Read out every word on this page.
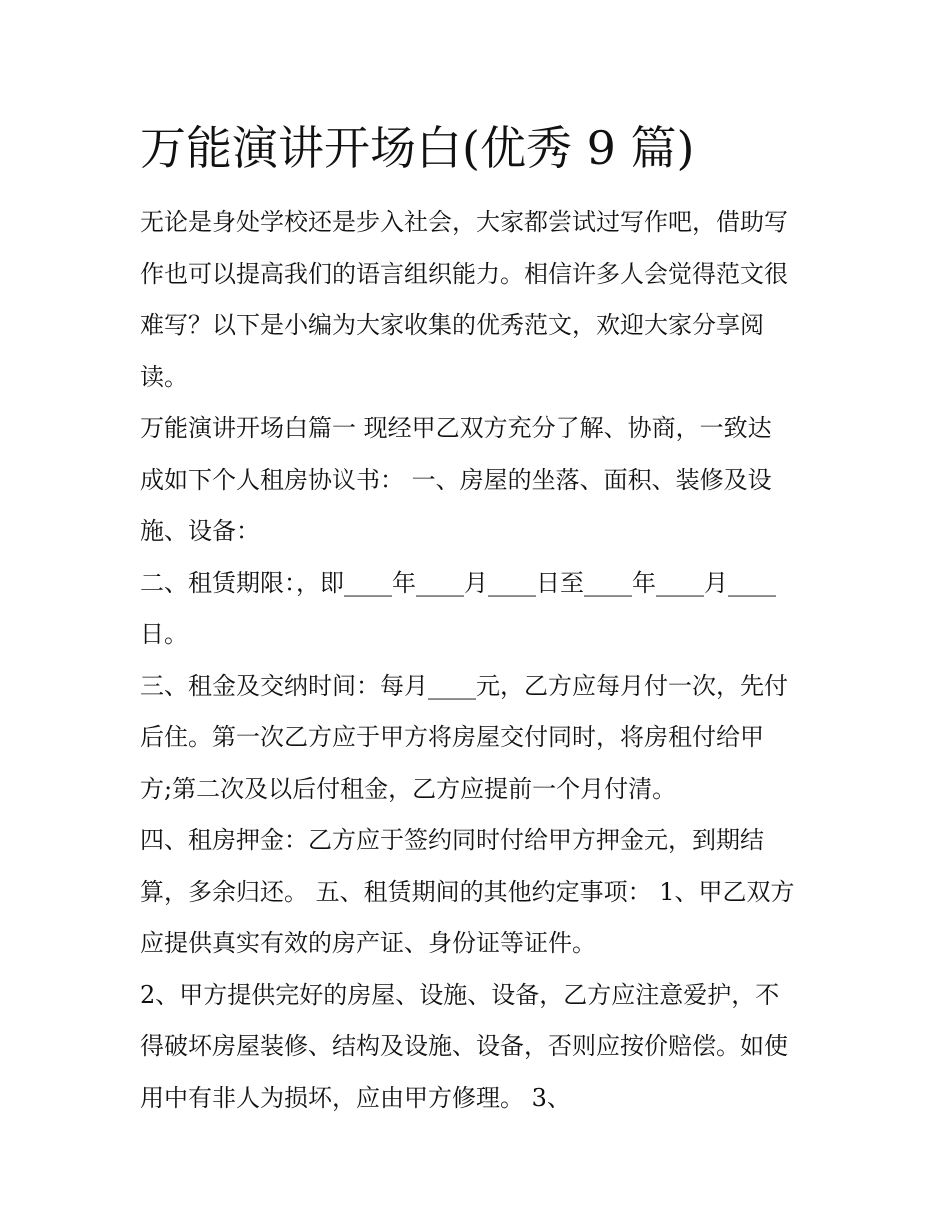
万能演讲开场白(优秀 9 篇)
无论是身处学校还是步入社会，大家都尝试过写作吧，借助写
作也可以提高我们的语言组织能力。相信许多人会觉得范文很
难写？以下是小编为大家收集的优秀范文，欢迎大家分享阅
读。
万能演讲开场白篇一 现经甲乙双方充分了解、协商，一致达
成如下个人租房协议书： 一、房屋的坐落、面积、装修及设
施、设备：
二、租赁期限：，即____年____月____日至____年____月____
日。
三、租金及交纳时间：每月____元，乙方应每月付一次，先付
后住。第一次乙方应于甲方将房屋交付同时，将房租付给甲
方;第二次及以后付租金，乙方应提前一个月付清。
四、租房押金：乙方应于签约同时付给甲方押金元，到期结
算，多余归还。 五、租赁期间的其他约定事项： 1、甲乙双方
应提供真实有效的房产证、身份证等证件。
2、甲方提供完好的房屋、设施、设备，乙方应注意爱护，不
得破坏房屋装修、结构及设施、设备，否则应按价赔偿。如使
用中有非人为损坏，应由甲方修理。 3、
